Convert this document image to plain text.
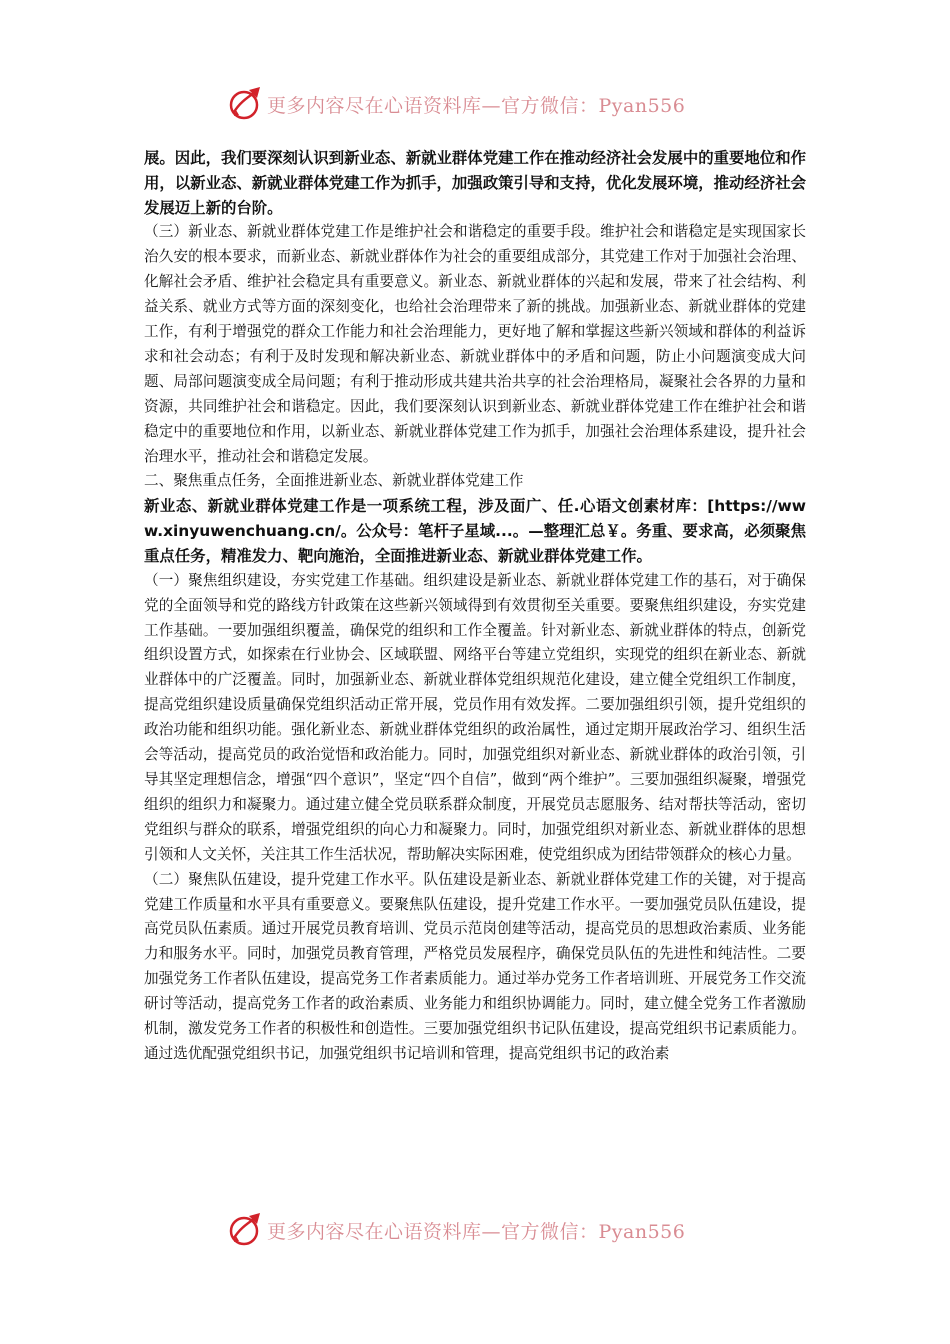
更多内容尽在心语资料库—官方微信：Pyan556

展。因此，我们要深刻认识到新业态、新就业群体党建工作在推动经济社会发展中的重要地位和作用，以新业态、新就业群体党建工作为抓手，加强政策引导和支持，优化发展环境，推动经济社会发展迈上新的台阶。

（三）新业态、新就业群体党建工作是维护社会和谐稳定的重要手段。维护社会和谐稳定是实现国家长治久安的根本要求，而新业态、新就业群体作为社会的重要组成部分，其党建工作对于加强社会治理、化解社会矛盾、维护社会稳定具有重要意义。新业态、新就业群体的兴起和发展，带来了社会结构、利益关系、就业方式等方面的深刻变化，也给社会治理带来了新的挑战。加强新业态、新就业群体的党建工作，有利于增强党的群众工作能力和社会治理能力，更好地了解和掌握这些新兴领域和群体的利益诉求和社会动态；有利于及时发现和解决新业态、新就业群体中的矛盾和问题，防止小问题演变成大问题、局部问题演变成全局问题；有利于推动形成共建共治共享的社会治理格局，凝聚社会各界的力量和资源，共同维护社会和谐稳定。因此，我们要深刻认识到新业态、新就业群体党建工作在维护社会和谐稳定中的重要地位和作用，以新业态、新就业群体党建工作为抓手，加强社会治理体系建设，提升社会治理水平，推动社会和谐稳定发展。

二、聚焦重点任务，全面推进新业态、新就业群体党建工作

新业态、新就业群体党建工作是一项系统工程，涉及面广、任.心语文创素材库：[https://www.xinyuwenchuang.cn/。公众号：笔杆子星域...。—整理汇总￥。务重、要求高，必须聚焦重点任务，精准发力、靶向施治，全面推进新业态、新就业群体党建工作。

（一）聚焦组织建设，夯实党建工作基础。组织建设是新业态、新就业群体党建工作的基石，对于确保党的全面领导和党的路线方针政策在这些新兴领域得到有效贯彻至关重要。要聚焦组织建设，夯实党建工作基础。一要加强组织覆盖，确保党的组织和工作全覆盖。针对新业态、新就业群体的特点，创新党组织设置方式，如探索在行业协会、区域联盟、网络平台等建立党组织，实现党的组织在新业态、新就业群体中的广泛覆盖。同时，加强新业态、新就业群体党组织规范化建设，建立健全党组织工作制度，提高党组织建设质量确保党组织活动正常开展，党员作用有效发挥。二要加强组织引领，提升党组织的政治功能和组织功能。强化新业态、新就业群体党组织的政治属性，通过定期开展政治学习、组织生活会等活动，提高党员的政治觉悟和政治能力。同时，加强党组织对新业态、新就业群体的政治引领，引导其坚定理想信念，增强“四个意识”，坚定“四个自信”，做到“两个维护”。三要加强组织凝聚，增强党组织的组织力和凝聚力。通过建立健全党员联系群众制度，开展党员志愿服务、结对帮扶等活动，密切党组织与群众的联系，增强党组织的向心力和凝聚力。同时，加强党组织对新业态、新就业群体的思想引领和人文关怀，关注其工作生活状况，帮助解决实际困难，使党组织成为团结带领群众的核心力量。

（二）聚焦队伍建设，提升党建工作水平。队伍建设是新业态、新就业群体党建工作的关键，对于提高党建工作质量和水平具有重要意义。要聚焦队伍建设，提升党建工作水平。一要加强党员队伍建设，提高党员队伍素质。通过开展党员教育培训、党员示范岗创建等活动，提高党员的思想政治素质、业务能力和服务水平。同时，加强党员教育管理，严格党员发展程序，确保党员队伍的先进性和纯洁性。二要加强党务工作者队伍建设，提高党务工作者素质能力。通过举办党务工作者培训班、开展党务工作交流研讨等活动，提高党务工作者的政治素质、业务能力和组织协调能力。同时，建立健全党务工作者激励机制，激发党务工作者的积极性和创造性。三要加强党组织书记队伍建设，提高党组织书记素质能力。通过选优配强党组织书记，加强党组织书记培训和管理，提高党组织书记的政治素

更多内容尽在心语资料库—官方微信：Pyan556
